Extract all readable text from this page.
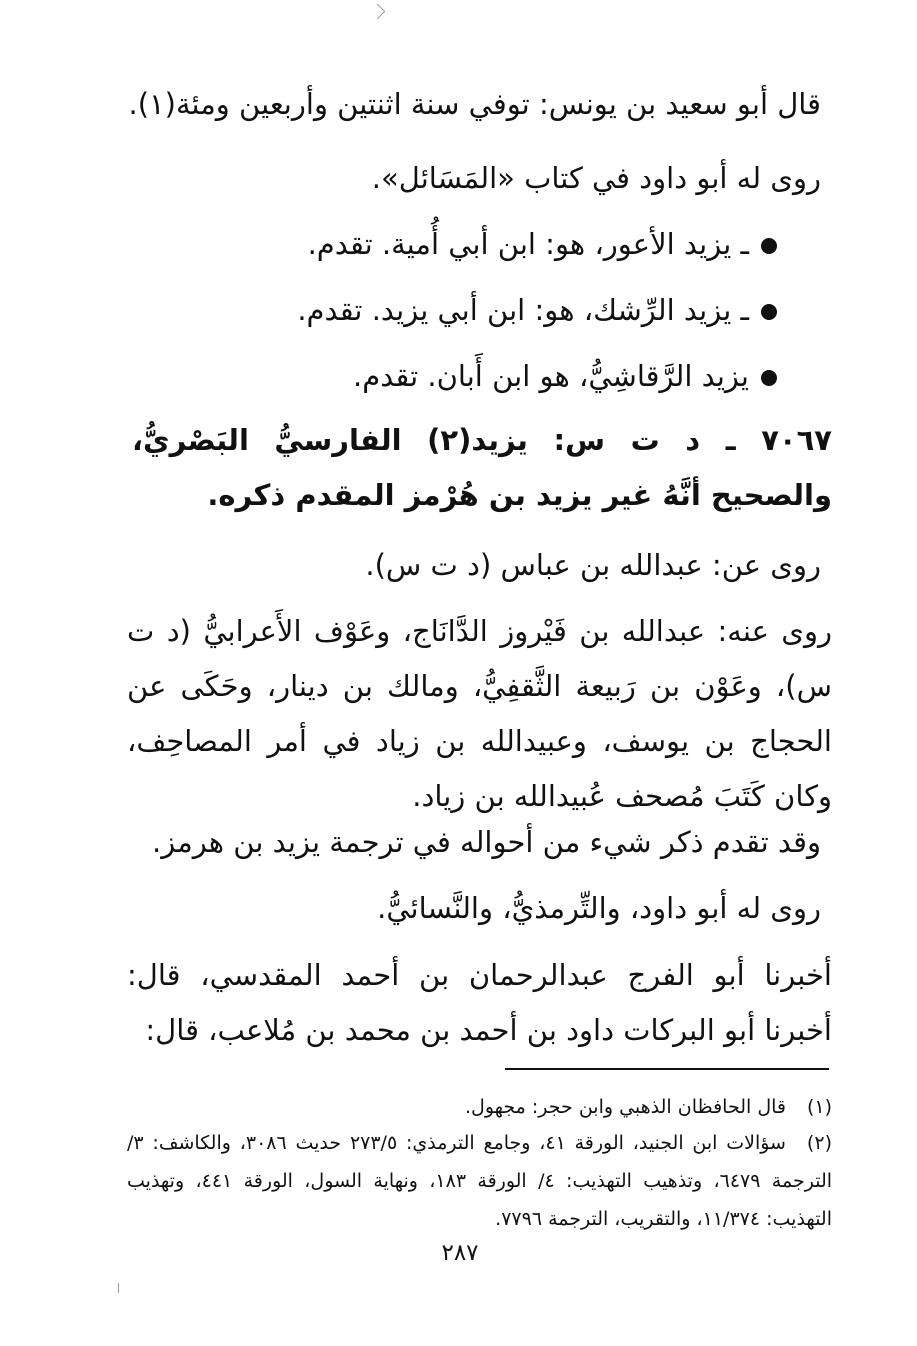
قال أبو سعيد بن يونس: توفي سنة اثنتين وأربعين ومئة(١).
روى له أبو داود في كتاب «المَسَائل».
ـ يزيد الأعور، هو: ابن أبي أُمية. تقدم.
ـ يزيد الرِّشك، هو: ابن أبي يزيد. تقدم.
يزيد الرَّقاشِيُّ، هو ابن أَبان. تقدم.
٧٠٦٧ ـ د ت س: يزيد(٢) الفارسيُّ البَصْريُّ، والصحيح أنَّهُ غير يزيد بن هُرْمز المقدم ذكره.
روى عن: عبدالله بن عباس (د ت س).
روى عنه: عبدالله بن فَيْروز الدَّانَاج، وعَوْف الأَعرابيُّ (د ت س)، وعَوْن بن رَبيعة الثَّقفِيُّ، ومالك بن دينار، وحَكَى عن الحجاج بن يوسف، وعبيدالله بن زياد في أمر المصاحِف، وكان كَتَبَ مُصحف عُبيدالله بن زياد.
وقد تقدم ذكر شيء من أحواله في ترجمة يزيد بن هرمز.
روى له أبو داود، والتِّرمذيُّ، والنَّسائيُّ.
أخبرنا أبو الفرج عبدالرحمان بن أحمد المقدسي، قال: أخبرنا أبو البركات داود بن أحمد بن محمد بن مُلاعب، قال:
(١)قال الحافظان الذهبي وابن حجر: مجهول.
(٢)سؤالات ابن الجنيد، الورقة ٤١، وجامع الترمذي: ٢٧٣/٥ حديث ٣٠٨٦، والكاشف: ٣/الترجمة ٦٤٧٩، وتذهيب التهذيب: ٤/ الورقة ١٨٣، ونهاية السول، الورقة ٤٤١، وتهذيب التهذيب: ١١/٣٧٤، والتقريب، الترجمة ٧٧٩٦.
٢٨٧
